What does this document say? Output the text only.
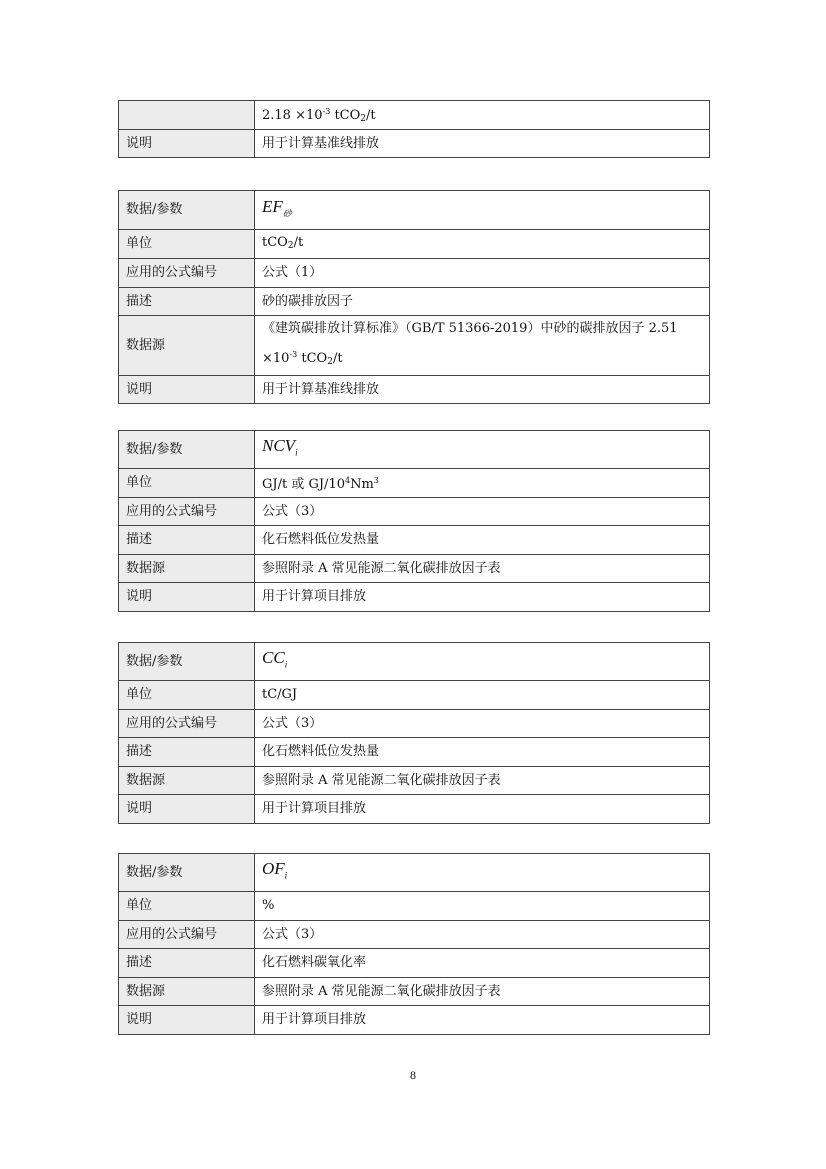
	$2.18 \times 10^{-3}$ tCO2/t
说明	用于计算基准线排放
数据/参数	$EF_砂$
单位	tCO2/t
应用的公式编号	公式（1）
描述	砂的碳排放因子
数据源	《建筑碳排放计算标准》（GB/T 51366-2019）中砂的碳排放因子 2.51
$\times 10^{-3}$ tCO2/t

说明	用于计算基准线排放
数据/参数	$NCV_i$
单位	GJ/t 或 $GJ/10^4Nm^3$
应用的公式编号	公式（3）
描述	化石燃料低位发热量
数据源	参照附录 A 常见能源二氧化碳排放因子表
说明	用于计算项目排放
数据/参数	$CC_i$
单位	tC/GJ
应用的公式编号	公式（3）
描述	化石燃料低位发热量
数据源	参照附录 A 常见能源二氧化碳排放因子表
说明	用于计算项目排放
数据/参数	$OF_i$
单位	%
应用的公式编号	公式（3）
描述	化石燃料碳氧化率
数据源	参照附录 A 常见能源二氧化碳排放因子表
说明	用于计算项目排放
8
